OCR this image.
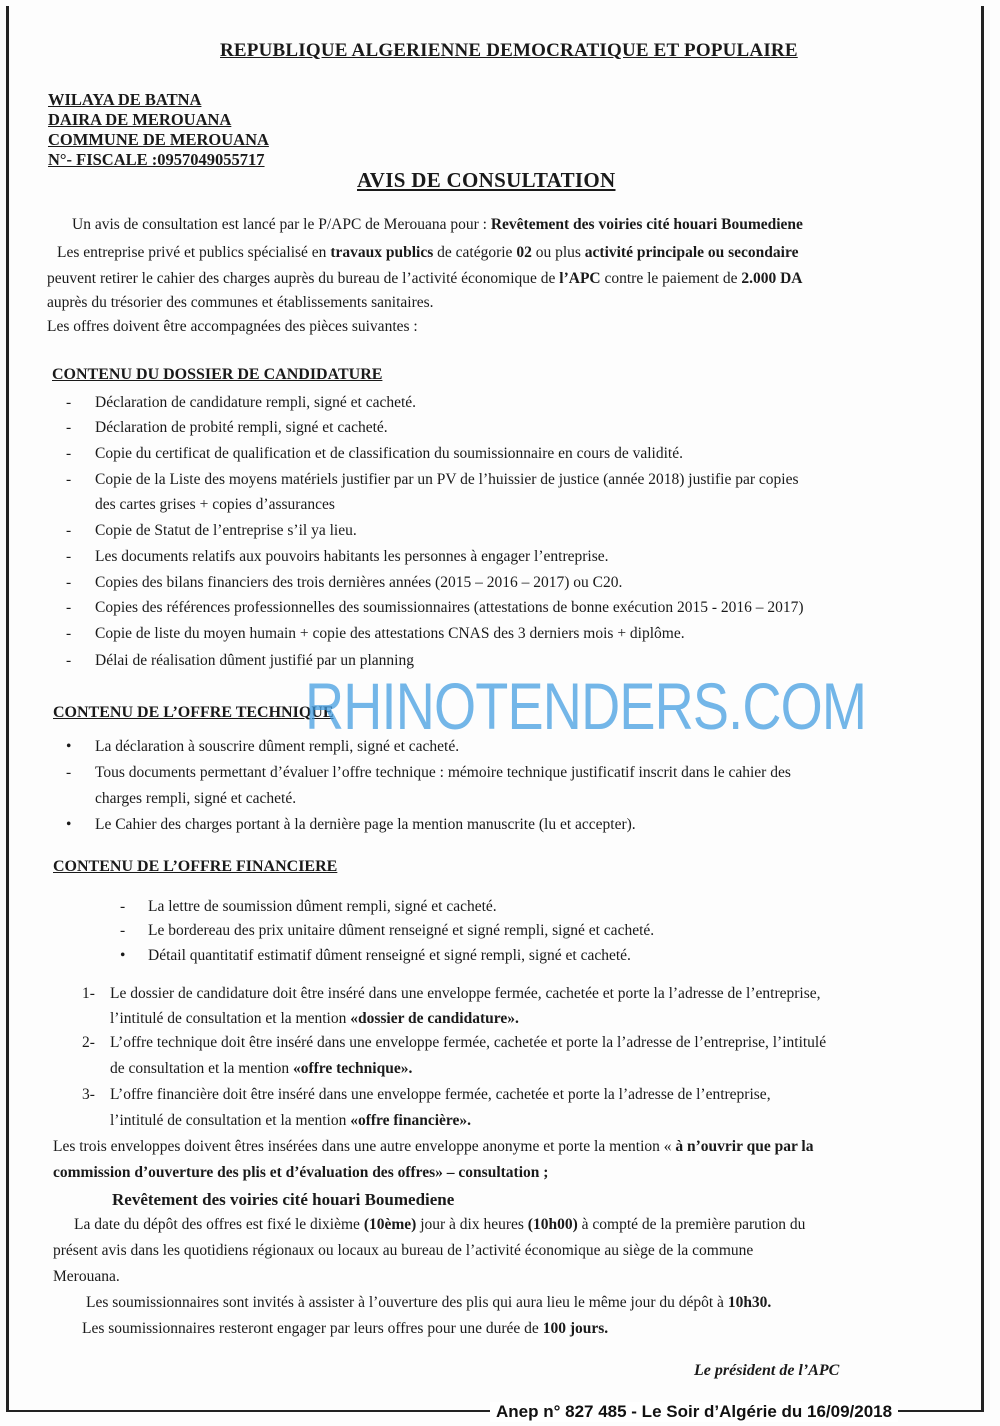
REPUBLIQUE ALGERIENNE DEMOCRATIQUE ET POPULAIRE
WILAYA DE BATNA
DAIRA DE MEROUANA
COMMUNE DE MEROUANA
N°- FISCALE :0957049055717
AVIS DE CONSULTATION
Un avis de consultation est lancé par le P/APC de Merouana pour : Revêtement des voiries cité houari Boumediene
Les entreprise privé et publics spécialisé en travaux publics de catégorie 02 ou plus activité principale ou secondaire
peuvent retirer le cahier des charges auprès du bureau de l’activité économique de l’APC contre le paiement de 2.000 DA
auprès du trésorier des communes et établissements sanitaires.
Les offres doivent être accompagnées des pièces suivantes :
CONTENU DU DOSSIER DE CANDIDATURE
- Déclaration de candidature rempli, signé et cacheté.
- Déclaration de probité rempli, signé et cacheté.
- Copie du certificat de qualification et de classification du soumissionnaire en cours de validité.
- Copie de la Liste des moyens matériels justifier par un PV de l’huissier de justice (année 2018) justifie par copies
des cartes grises + copies d’assurances
- Copie de Statut de l’entreprise s’il ya lieu.
- Les documents relatifs aux pouvoirs habitants les personnes à engager l’entreprise.
- Copies des bilans financiers des trois dernières années (2015 – 2016 – 2017) ou C20.
- Copies des références professionnelles des soumissionnaires (attestations de bonne exécution 2015 - 2016 – 2017)
- Copie de liste du moyen humain + copie des attestations CNAS des 3 derniers mois + diplôme.
- Délai de réalisation dûment justifié par un planning
CONTENU DE L’OFFRE TECHNIQUE
• La déclaration à souscrire dûment rempli, signé et cacheté.
- Tous documents permettant d’évaluer l’offre technique : mémoire technique justificatif inscrit dans le cahier des
charges rempli, signé et cacheté.
• Le Cahier des charges portant à la dernière page la mention manuscrite (lu et accepter).
CONTENU DE L’OFFRE FINANCIERE
- La lettre de soumission dûment rempli, signé et cacheté.
- Le bordereau des prix unitaire dûment renseigné et signé rempli, signé et cacheté.
• Détail quantitatif estimatif dûment renseigné et signé rempli, signé et cacheté.
1- Le dossier de candidature doit être inséré dans une enveloppe fermée, cachetée et porte la l’adresse de l’entreprise,
l’intitulé de consultation et la mention «dossier de candidature».
2- L’offre technique doit être inséré dans une enveloppe fermée, cachetée et porte la l’adresse de l’entreprise, l’intitulé
de consultation et la mention «offre technique».
3- L’offre financière doit être inséré dans une enveloppe fermée, cachetée et porte la l’adresse de l’entreprise,
l’intitulé de consultation et la mention «offre financière».
Les trois enveloppes doivent êtres insérées dans une autre enveloppe anonyme et porte la mention « à n’ouvrir que par la
commission d’ouverture des plis et d’évaluation des offres» – consultation ;
Revêtement des voiries cité houari Boumediene
La date du dépôt des offres est fixé le dixième (10ème) jour à dix heures (10h00) à compté de la première parution du
présent avis dans les quotidiens régionaux ou locaux au bureau de l’activité économique au siège de la commune
Merouana.
Les soumissionnaires sont invités à assister à l’ouverture des plis qui aura lieu le même jour du dépôt à 10h30.
Les soumissionnaires resteront engager par leurs offres pour une durée de 100 jours.
Le président de l’APC
RHINOTENDERS.COM
Anep n° 827 485 - Le Soir d’Algérie du 16/09/2018
